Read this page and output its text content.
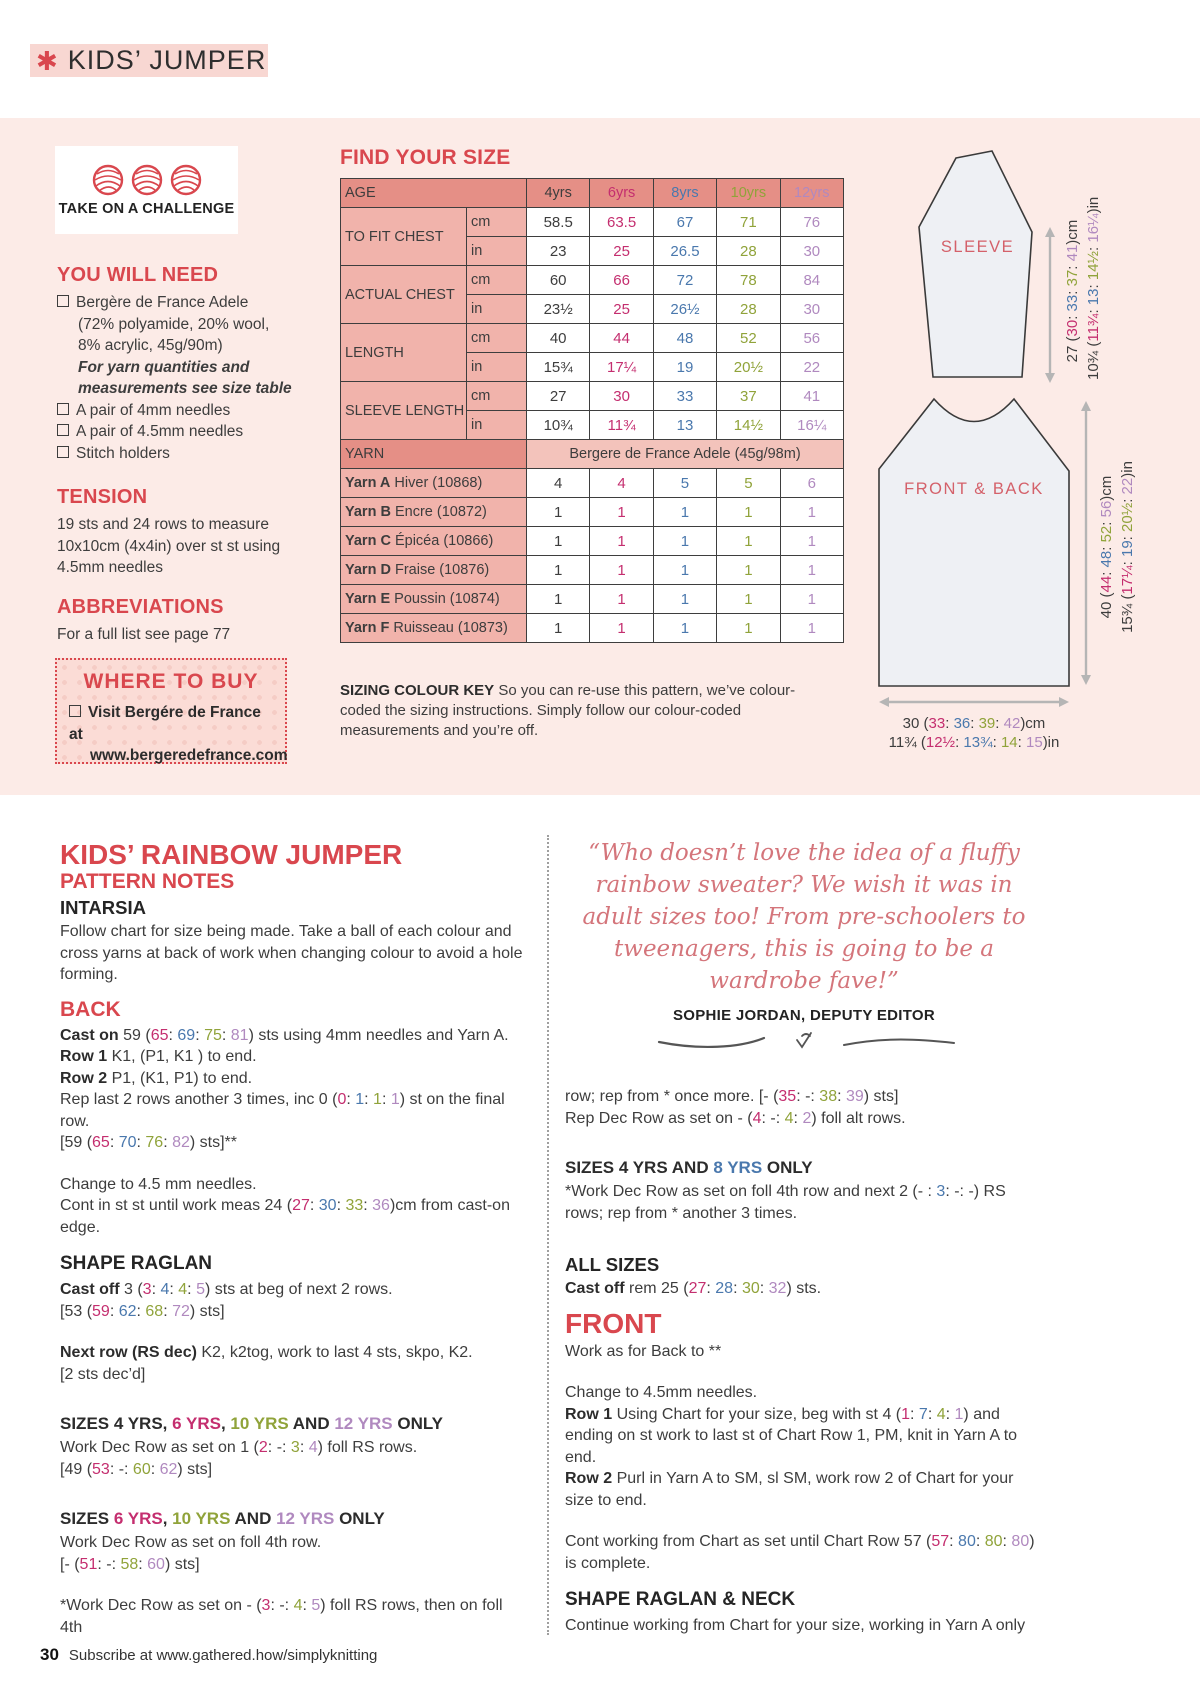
✱ KIDS’ JUMPER
TAKE ON A CHALLENGE
YOU WILL NEED
Bergère de France Adele
(72% polyamide, 20% wool,
8% acrylic, 45g/90m)
For yarn quantities and
measurements see size table
A pair of 4mm needles
A pair of 4.5mm needles
Stitch holders
TENSION
19 sts and 24 rows to measure 10x10cm (4x4in) over st st using 4.5mm needles
ABBREVIATIONS
For a full list see page 77
WHERE TO BUY
Visit Bergére de France at
www.bergeredefrance.com
FIND YOUR SIZE
AGE		4yrs	6yrs	8yrs	10yrs	12yrs
TO FIT CHEST	cm	58.5	63.5	67	71	76
	in	23	25	26.5	28	30
ACTUAL CHEST	cm	60	66	72	78	84
	in	23½	25	26½	28	30
LENGTH	cm	40	44	48	52	56
	in	15¾	17¼	19	20½	22
SLEEVE LENGTH	cm	27	30	33	37	41
	in	10¾	11¾	13	14½	16¼
YARN		Bergere de France Adele (45g/98m)				
Yarn A Hiver (10868)		4	4	5	5	6
Yarn B Encre (10872)		1	1	1	1	1
Yarn C Épicéa (10866)		1	1	1	1	1
Yarn D Fraise (10876)		1	1	1	1	1
Yarn E Poussin (10874)		1	1	1	1	1
Yarn F Ruisseau (10873)		1	1	1	1	1

SIZING COLOUR KEY So you can re-use this pattern, we’ve colour-coded the sizing instructions. Simply follow our colour-coded measurements and you’re off.

SLEEVE
27 (30: 33: 37: 41)cm
10¾ (11¾: 13: 14½: 16¼)in
FRONT & BACK
40 (44: 48: 52: 56)cm
15¾ (17¼: 19: 20½: 22)in
30 (33: 36: 39: 42)cm
11¾ (12½: 13¾: 14: 15)in
KIDS’ RAINBOW JUMPER
PATTERN NOTES
INTARSIA
Follow chart for size being made. Take a ball of each colour and cross yarns at back of work when changing colour to avoid a hole forming.
BACK
Cast on 59 (65: 69: 75: 81) sts using 4mm needles and Yarn A.
Row 1 K1, (P1, K1 ) to end.
Row 2 P1, (K1, P1) to end.
Rep last 2 rows another 3 times, inc 0 (0: 1: 1: 1) st on the final row.
[59 (65: 70: 76: 82) sts]**
Change to 4.5 mm needles.
Cont in st st until work meas 24 (27: 30: 33: 36)cm from cast-on edge.
SHAPE RAGLAN
Cast off 3 (3: 4: 4: 5) sts at beg of next 2 rows.
[53 (59: 62: 68: 72) sts]
Next row (RS dec) K2, k2tog, work to last 4 sts, skpo, K2.
[2 sts dec’d]
SIZES 4 YRS, 6 YRS, 10 YRS AND 12 YRS ONLY
Work Dec Row as set on 1 (2: -: 3: 4) foll RS rows.
[49 (53: -: 60: 62) sts]
SIZES 6 YRS, 10 YRS AND 12 YRS ONLY
Work Dec Row as set on foll 4th row.
[- (51: -: 58: 60) sts]
*Work Dec Row as set on - (3: -: 4: 5) foll RS rows, then on foll 4th
“Who doesn’t love the idea of a fluffy rainbow sweater? We wish it was in adult sizes too! From pre-schoolers to tweenagers, this is going to be a wardrobe fave!”
SOPHIE JORDAN, DEPUTY EDITOR
row; rep from * once more. [- (35: -: 38: 39) sts]
Rep Dec Row as set on - (4: -: 4: 2) foll alt rows.
SIZES 4 YRS AND 8 YRS ONLY
*Work Dec Row as set on foll 4th row and next 2 (- : 3: -: -) RS rows; rep from * another 3 times.
ALL SIZES
Cast off rem 25 (27: 28: 30: 32) sts.
FRONT
Work as for Back to **
Change to 4.5mm needles.
Row 1 Using Chart for your size, beg with st 4 (1: 7: 4: 1) and ending on st work to last st of Chart Row 1, PM, knit in Yarn A to end.
Row 2 Purl in Yarn A to SM, sl SM, work row 2 of Chart for your size to end.
Cont working from Chart as set until Chart Row 57 (57: 80: 80: 80) is complete.
SHAPE RAGLAN & NECK
Continue working from Chart for your size, working in Yarn A only
30 Subscribe at www.gathered.how/simplyknitting
